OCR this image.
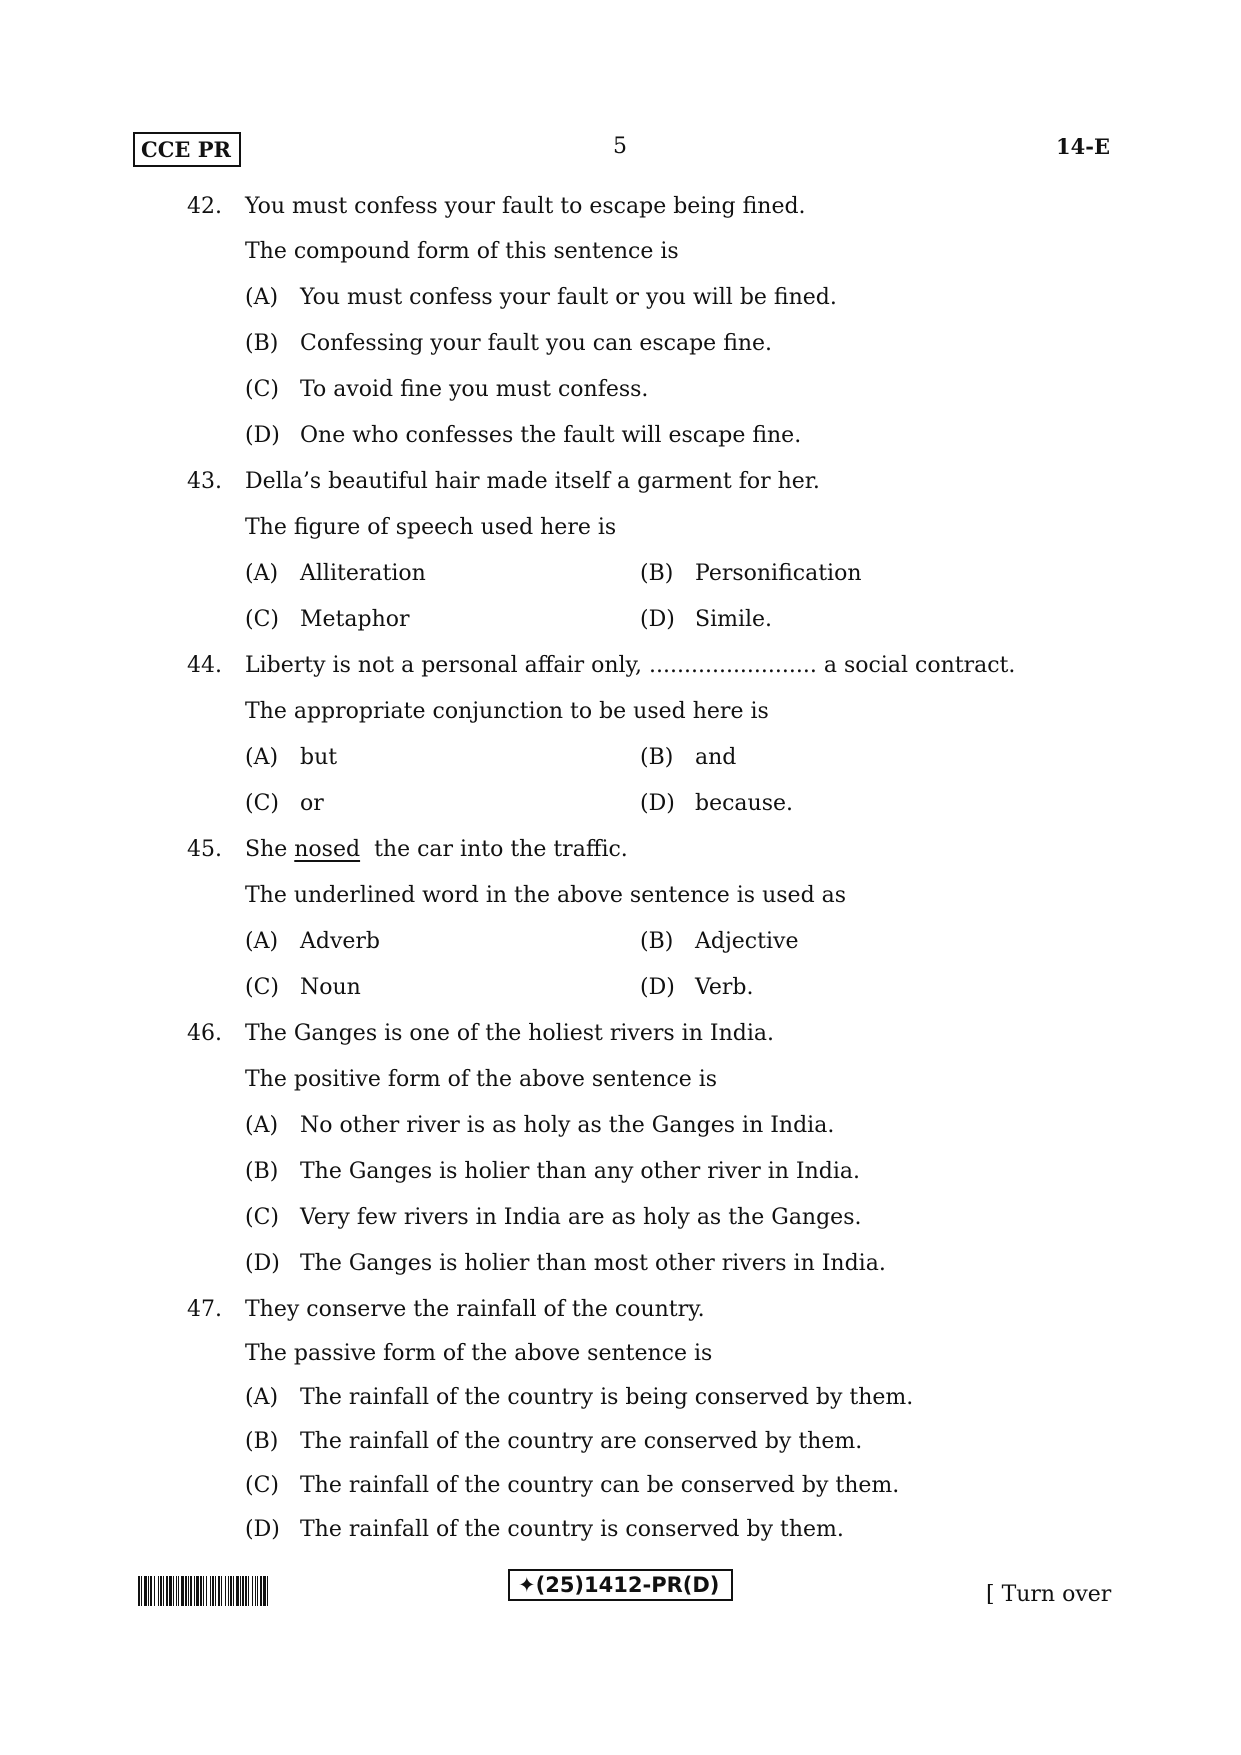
CCE PR	5	14-E
42. You must confess your fault to escape being fined.
The compound form of this sentence is
(A) You must confess your fault or you will be fined.
(B) Confessing your fault you can escape fine.
(C) To avoid fine you must confess.
(D) One who confesses the fault will escape fine.
43. Della’s beautiful hair made itself a garment for her.
The figure of speech used here is
(A) Alliteration	(B) Personification
(C) Metaphor	(D) Simile.
44. Liberty is not a personal affair only, ........................ a social contract.
The appropriate conjunction to be used here is
(A) but	(B) and
(C) or	(D) because.
45. She nosed  the car into the traffic.
The underlined word in the above sentence is used as
(A) Adverb	(B) Adjective
(C) Noun	(D) Verb.
46. The Ganges is one of the holiest rivers in India.
The positive form of the above sentence is
(A) No other river is as holy as the Ganges in India.
(B) The Ganges is holier than any other river in India.
(C) Very few rivers in India are as holy as the Ganges.
(D) The Ganges is holier than most other rivers in India.
47. They conserve the rainfall of the country.
The passive form of the above sentence is
(A) The rainfall of the country is being conserved by them.
(B) The rainfall of the country are conserved by them.
(C) The rainfall of the country can be conserved by them.
(D) The rainfall of the country is conserved by them.
✦(25)1412-PR(D)	[ Turn over
